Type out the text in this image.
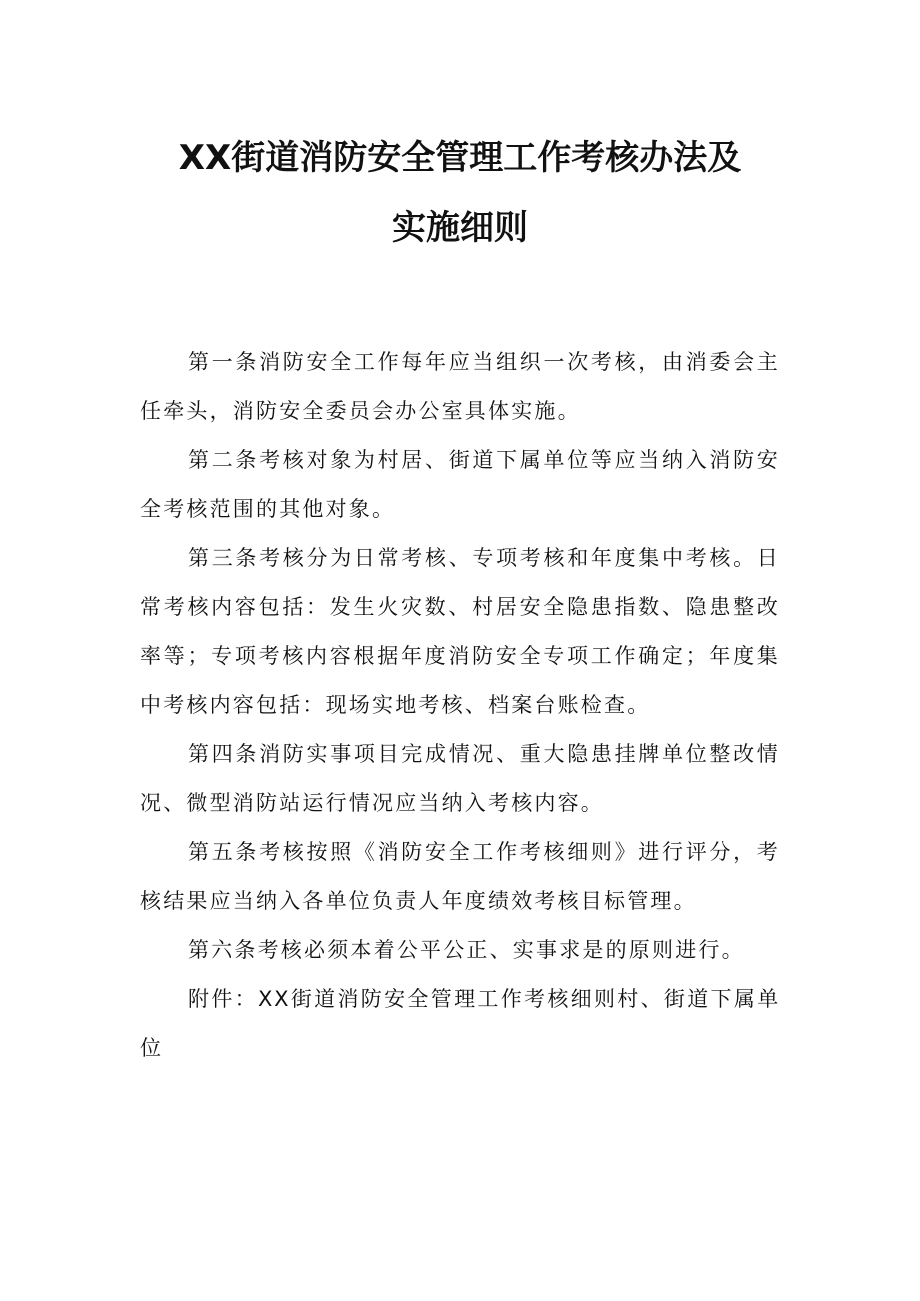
XX街道消防安全管理工作考核办法及
实施细则

第一条消防安全工作每年应当组织一次考核，由消委会主任牵头，消防安全委员会办公室具体实施。

第二条考核对象为村居、街道下属单位等应当纳入消防安全考核范围的其他对象。

第三条考核分为日常考核、专项考核和年度集中考核。日常考核内容包括：发生火灾数、村居安全隐患指数、隐患整改率等；专项考核内容根据年度消防安全专项工作确定；年度集中考核内容包括：现场实地考核、档案台账检查。

第四条消防实事项目完成情况、重大隐患挂牌单位整改情况、微型消防站运行情况应当纳入考核内容。

第五条考核按照《消防安全工作考核细则》进行评分，考核结果应当纳入各单位负责人年度绩效考核目标管理。

第六条考核必须本着公平公正、实事求是的原则进行。

附件：XX街道消防安全管理工作考核细则村、街道下属单位
